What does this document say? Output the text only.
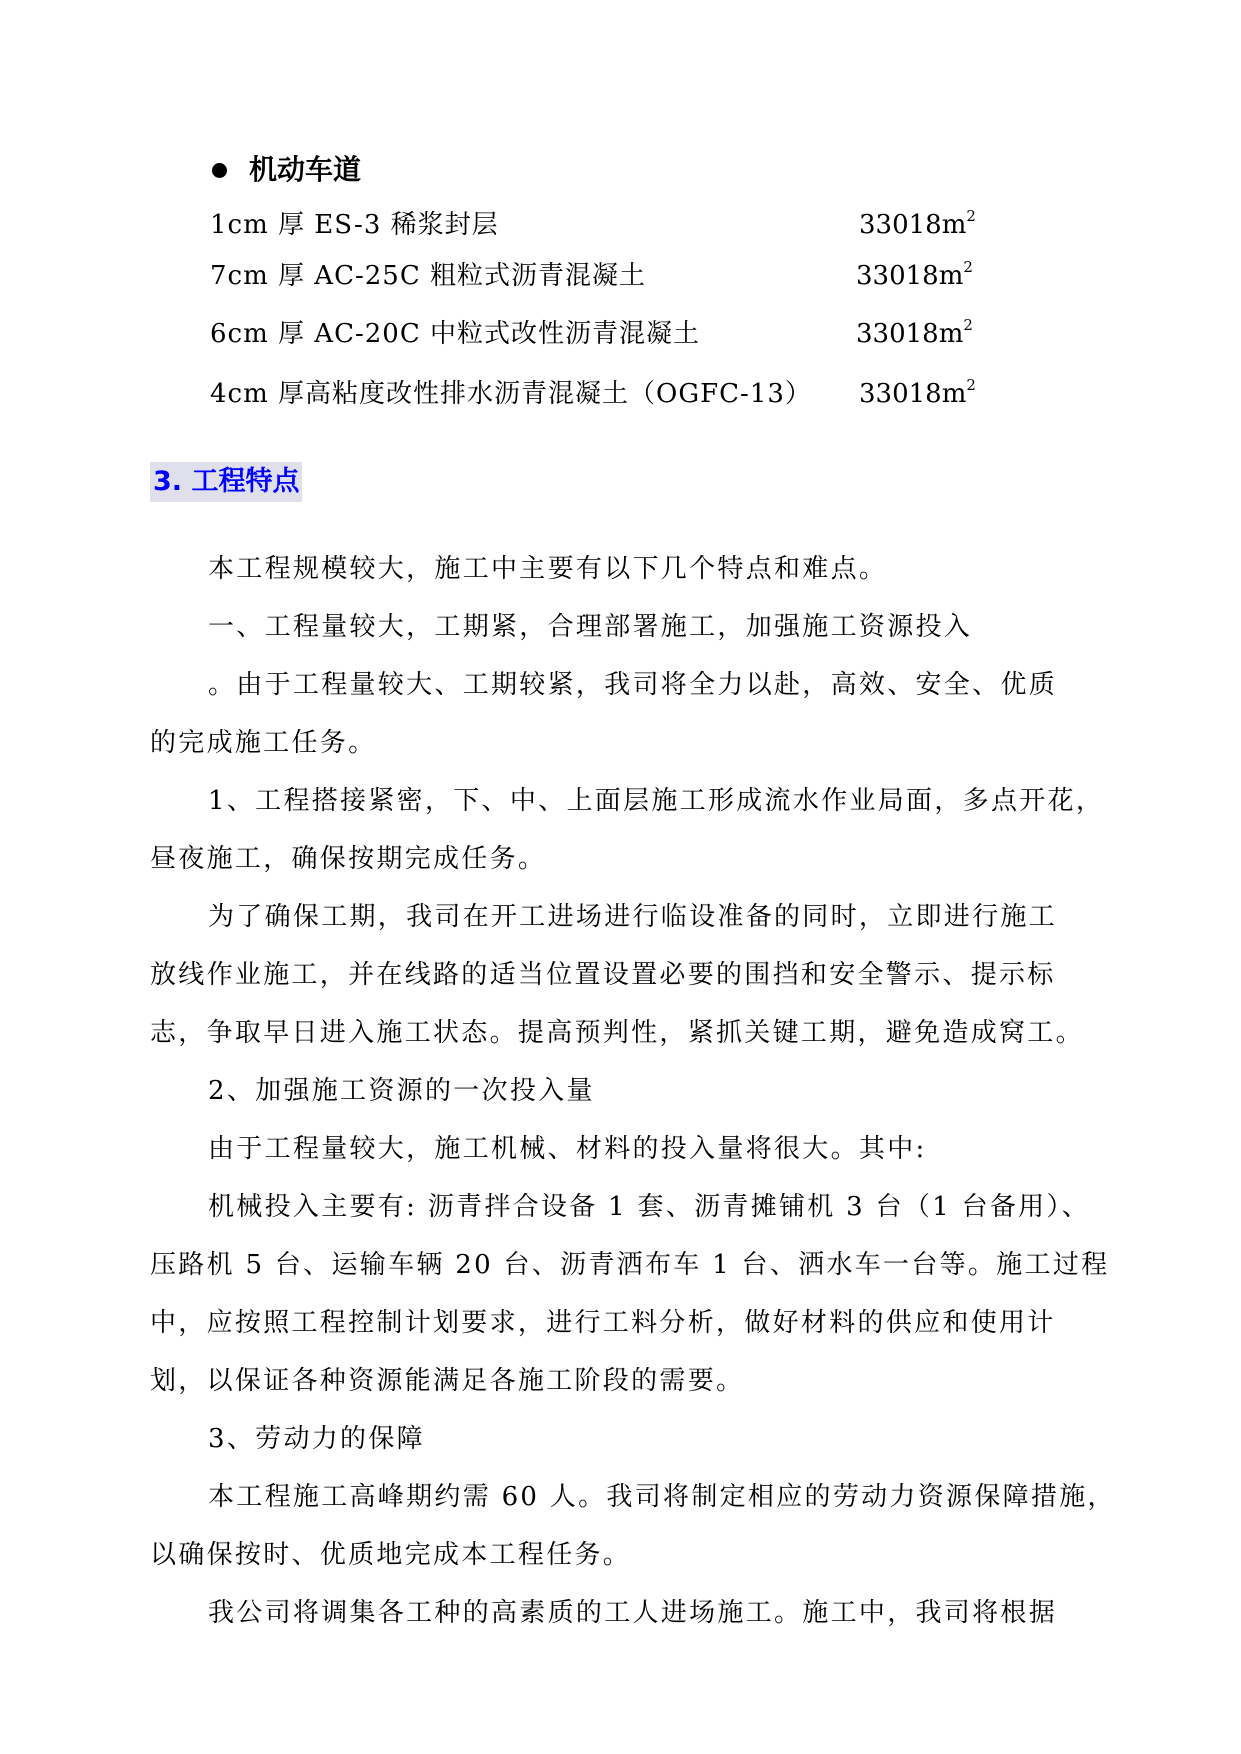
机动车道
1cm 厚 ES-3 稀浆封层	$33018m^2$
7cm 厚 AC-25C 粗粒式沥青混凝土	$33018m^2$
6cm 厚 AC-20C 中粒式改性沥青混凝土	$33018m^2$
4cm 厚高粘度改性排水沥青混凝土（OGFC-13） $33018m^2$
3. 工程特点
本工程规模较大，施工中主要有以下几个特点和难点。
一、工程量较大，工期紧，合理部署施工，加强施工资源投入
。由于工程量较大、工期较紧，我司将全力以赴，高效、安全、优质
的完成施工任务。
1、工程搭接紧密，下、中、上面层施工形成流水作业局面，多点开花，
昼夜施工，确保按期完成任务。
为了确保工期，我司在开工进场进行临设准备的同时，立即进行施工
放线作业施工，并在线路的适当位置设置必要的围挡和安全警示、提示标
志，争取早日进入施工状态。提高预判性，紧抓关键工期，避免造成窝工。
2、加强施工资源的一次投入量
由于工程量较大，施工机械、材料的投入量将很大。其中:
机械投入主要有: 沥青拌合设备 1 套、沥青摊铺机 3 台（1 台备用）、
压路机 5 台、运输车辆 20 台、沥青洒布车 1 台、洒水车一台等。施工过程
中，应按照工程控制计划要求，进行工料分析，做好材料的供应和使用计
划，以保证各种资源能满足各施工阶段的需要。
3、劳动力的保障
本工程施工高峰期约需 60 人。我司将制定相应的劳动力资源保障措施，
以确保按时、优质地完成本工程任务。
我公司将调集各工种的高素质的工人进场施工。施工中，我司将根据
